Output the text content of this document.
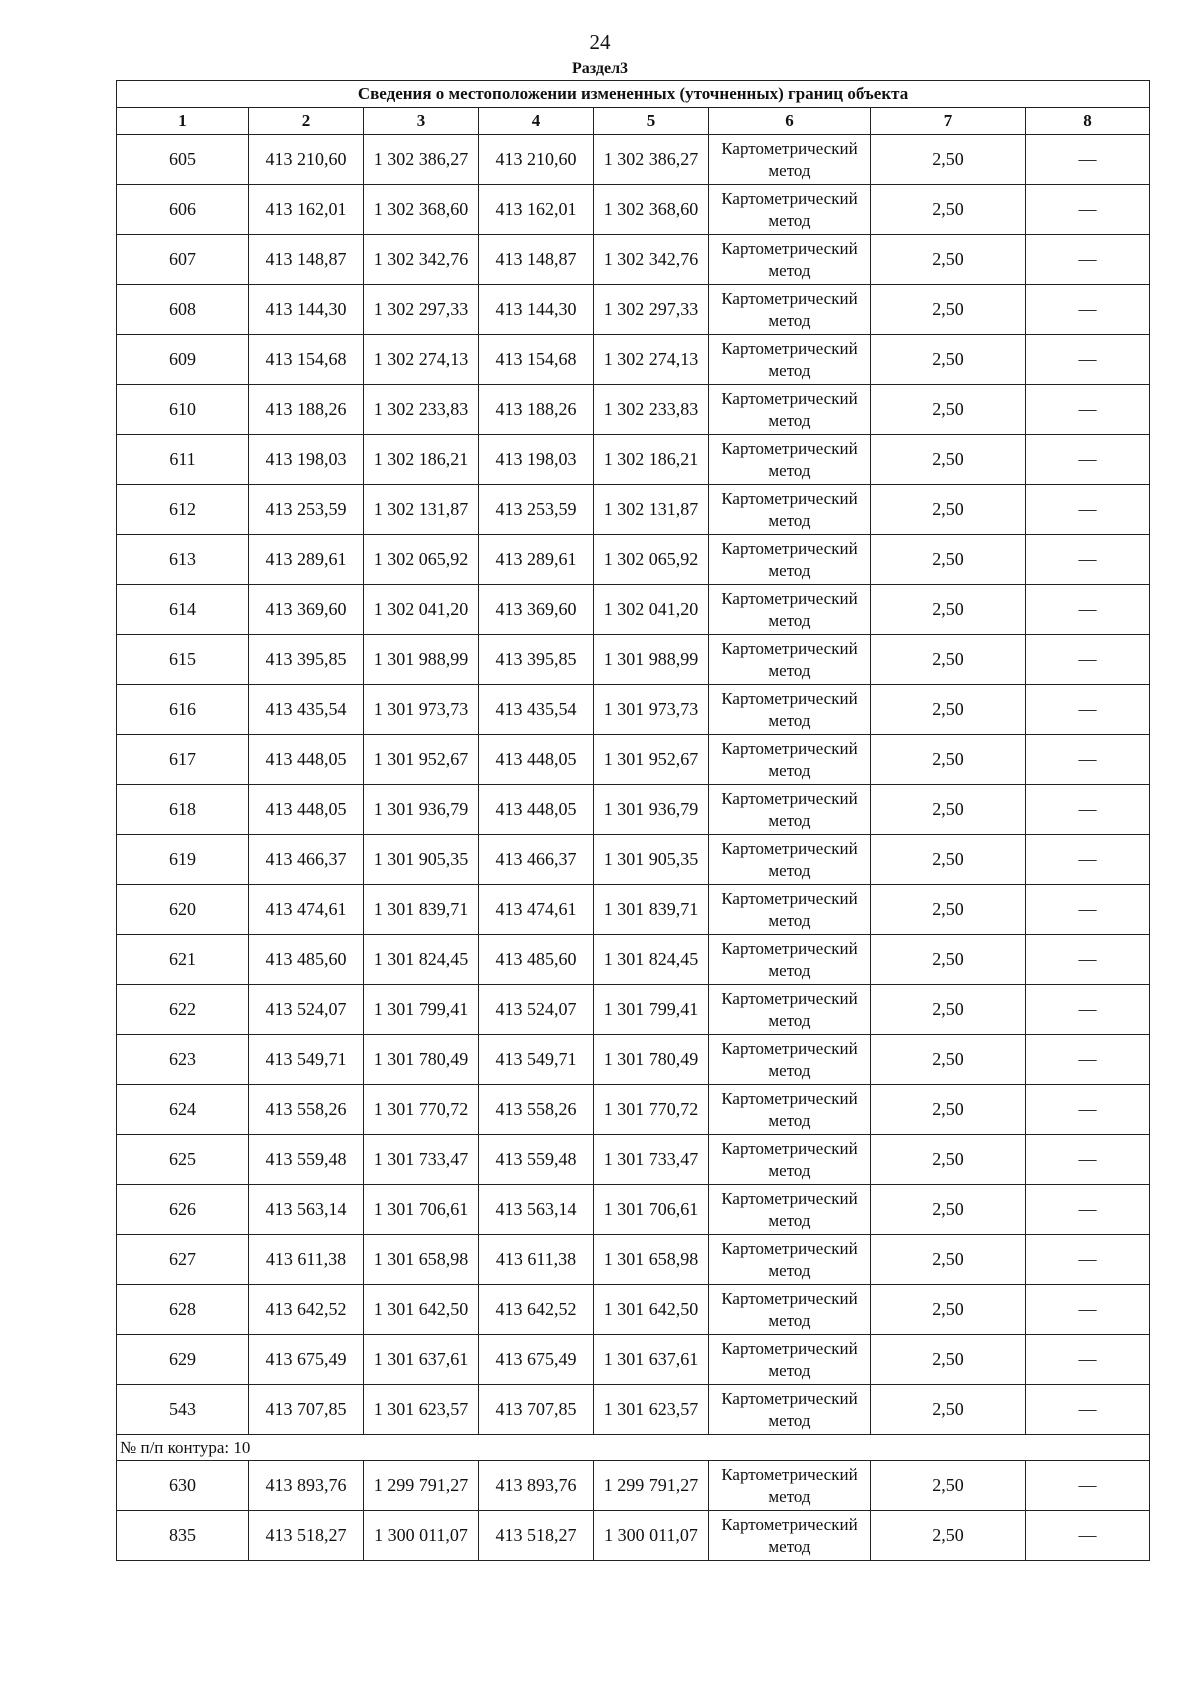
24
Раздел3
Сведения о местоположении измененных (уточненных) границ объекта							
1	2	3	4	5	6	7	8
605	413 210,60	1 302 386,27	413 210,60	1 302 386,27	Картометрический метод	2,50	—
606	413 162,01	1 302 368,60	413 162,01	1 302 368,60	Картометрический метод	2,50	—
607	413 148,87	1 302 342,76	413 148,87	1 302 342,76	Картометрический метод	2,50	—
608	413 144,30	1 302 297,33	413 144,30	1 302 297,33	Картометрический метод	2,50	—
609	413 154,68	1 302 274,13	413 154,68	1 302 274,13	Картометрический метод	2,50	—
610	413 188,26	1 302 233,83	413 188,26	1 302 233,83	Картометрический метод	2,50	—
611	413 198,03	1 302 186,21	413 198,03	1 302 186,21	Картометрический метод	2,50	—
612	413 253,59	1 302 131,87	413 253,59	1 302 131,87	Картометрический метод	2,50	—
613	413 289,61	1 302 065,92	413 289,61	1 302 065,92	Картометрический метод	2,50	—
614	413 369,60	1 302 041,20	413 369,60	1 302 041,20	Картометрический метод	2,50	—
615	413 395,85	1 301 988,99	413 395,85	1 301 988,99	Картометрический метод	2,50	—
616	413 435,54	1 301 973,73	413 435,54	1 301 973,73	Картометрический метод	2,50	—
617	413 448,05	1 301 952,67	413 448,05	1 301 952,67	Картометрический метод	2,50	—
618	413 448,05	1 301 936,79	413 448,05	1 301 936,79	Картометрический метод	2,50	—
619	413 466,37	1 301 905,35	413 466,37	1 301 905,35	Картометрический метод	2,50	—
620	413 474,61	1 301 839,71	413 474,61	1 301 839,71	Картометрический метод	2,50	—
621	413 485,60	1 301 824,45	413 485,60	1 301 824,45	Картометрический метод	2,50	—
622	413 524,07	1 301 799,41	413 524,07	1 301 799,41	Картометрический метод	2,50	—
623	413 549,71	1 301 780,49	413 549,71	1 301 780,49	Картометрический метод	2,50	—
624	413 558,26	1 301 770,72	413 558,26	1 301 770,72	Картометрический метод	2,50	—
625	413 559,48	1 301 733,47	413 559,48	1 301 733,47	Картометрический метод	2,50	—
626	413 563,14	1 301 706,61	413 563,14	1 301 706,61	Картометрический метод	2,50	—
627	413 611,38	1 301 658,98	413 611,38	1 301 658,98	Картометрический метод	2,50	—
628	413 642,52	1 301 642,50	413 642,52	1 301 642,50	Картометрический метод	2,50	—
629	413 675,49	1 301 637,61	413 675,49	1 301 637,61	Картометрический метод	2,50	—
543	413 707,85	1 301 623,57	413 707,85	1 301 623,57	Картометрический метод	2,50	—
№ п/п контура: 10							
630	413 893,76	1 299 791,27	413 893,76	1 299 791,27	Картометрический метод	2,50	—
835	413 518,27	1 300 011,07	413 518,27	1 300 011,07	Картометрический метод	2,50	—
